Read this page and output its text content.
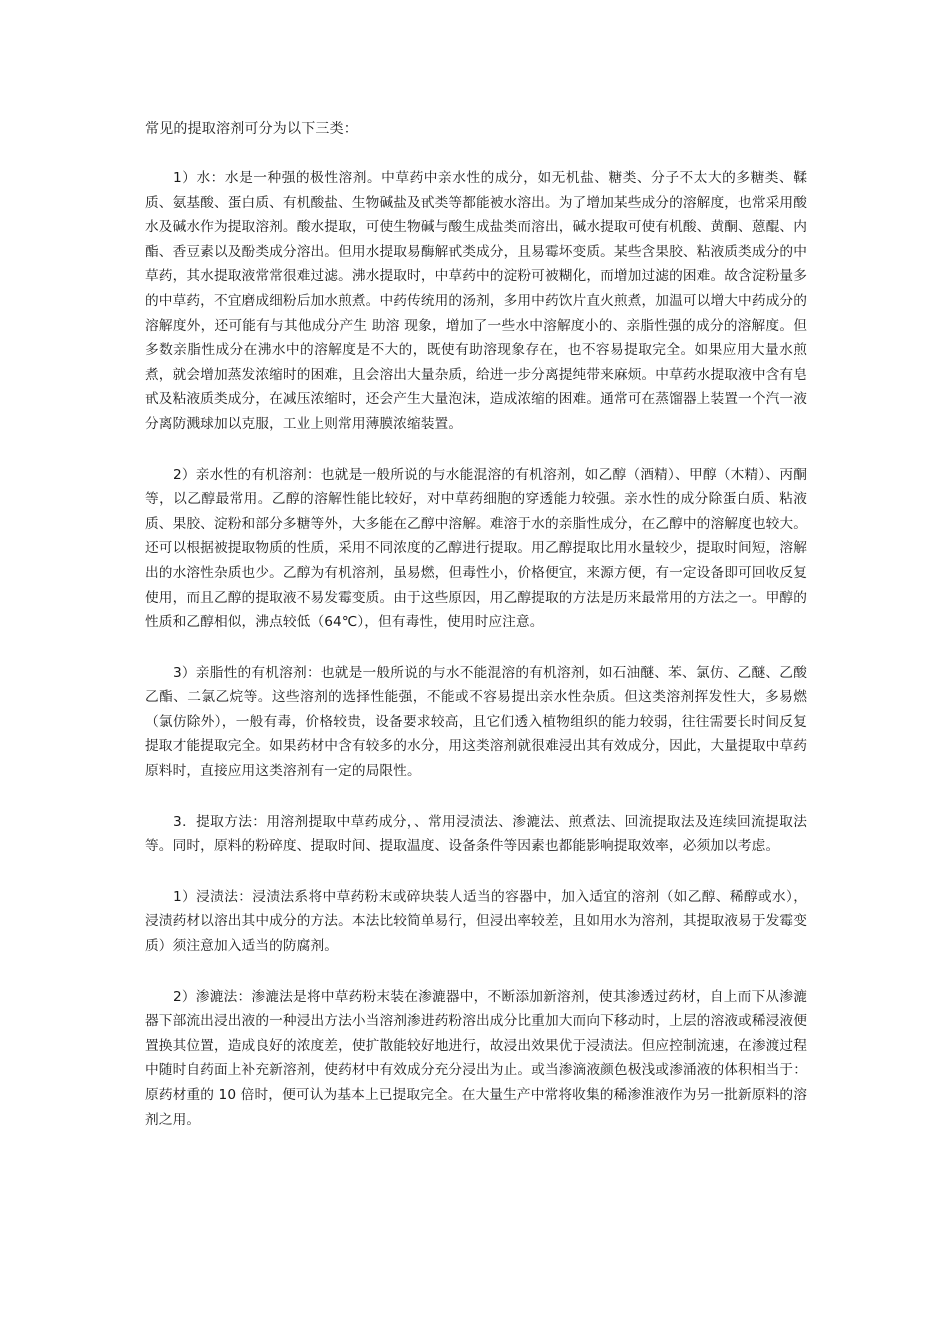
常见的提取溶剂可分为以下三类：

1）水：水是一种强的极性溶剂。中草药中亲水性的成分，如无机盐、糖类、分子不太大的多糖类、鞣质、氨基酸、蛋白质、有机酸盐、生物碱盐及甙类等都能被水溶出。为了增加某些成分的溶解度，也常采用酸水及碱水作为提取溶剂。酸水提取，可使生物碱与酸生成盐类而溶出，碱水提取可使有机酸、黄酮、蒽醌、内酯、香豆素以及酚类成分溶出。但用水提取易酶解甙类成分，且易霉坏变质。某些含果胶、粘液质类成分的中草药，其水提取液常常很难过滤。沸水提取时，中草药中的淀粉可被糊化，而增加过滤的困难。故含淀粉量多的中草药，不宜磨成细粉后加水煎煮。中药传统用的汤剂，多用中药饮片直火煎煮，加温可以增大中药成分的溶解度外，还可能有与其他成分产生 助溶 现象，增加了一些水中溶解度小的、亲脂性强的成分的溶解度。但多数亲脂性成分在沸水中的溶解度是不大的，既使有助溶现象存在，也不容易提取完全。如果应用大量水煎煮，就会增加蒸发浓缩时的困难，且会溶出大量杂质，给进一步分离提纯带来麻烦。中草药水提取液中含有皂甙及粘液质类成分，在减压浓缩时，还会产生大量泡沫，造成浓缩的困难。通常可在蒸馏器上装置一个汽一液分离防溅球加以克服，工业上则常用薄膜浓缩装置。

2）亲水性的有机溶剂：也就是一般所说的与水能混溶的有机溶剂，如乙醇（酒精）、甲醇（木精）、丙酮等，以乙醇最常用。乙醇的溶解性能比较好，对中草药细胞的穿透能力较强。亲水性的成分除蛋白质、粘液质、果胶、淀粉和部分多糖等外，大多能在乙醇中溶解。难溶于水的亲脂性成分，在乙醇中的溶解度也较大。还可以根据被提取物质的性质，采用不同浓度的乙醇进行提取。用乙醇提取比用水量较少，提取时间短，溶解出的水溶性杂质也少。乙醇为有机溶剂，虽易燃，但毒性小，价格便宜，来源方便，有一定设备即可回收反复使用，而且乙醇的提取液不易发霉变质。由于这些原因，用乙醇提取的方法是历来最常用的方法之一。甲醇的性质和乙醇相似，沸点较低（64℃），但有毒性，使用时应注意。

3）亲脂性的有机溶剂：也就是一般所说的与水不能混溶的有机溶剂，如石油醚、苯、氯仿、乙醚、乙酸乙酯、二氯乙烷等。这些溶剂的选择性能强，不能或不容易提出亲水性杂质。但这类溶剂挥发性大，多易燃（氯仿除外），一般有毒，价格较贵，设备要求较高，且它们透入植物组织的能力较弱，往往需要长时间反复提取才能提取完全。如果药材中含有较多的水分，用这类溶剂就很难浸出其有效成分，因此，大量提取中草药原料时，直接应用这类溶剂有一定的局限性。

3．提取方法：用溶剂提取中草药成分，、常用浸渍法、渗漉法、煎煮法、回流提取法及连续回流提取法等。同时，原料的粉碎度、提取时间、提取温度、设备条件等因素也都能影响提取效率，必须加以考虑。

1）浸渍法：浸渍法系将中草药粉末或碎块装人适当的容器中，加入适宜的溶剂（如乙醇、稀醇或水），浸渍药材以溶出其中成分的方法。本法比较简单易行，但浸出率较差，且如用水为溶剂，其提取液易于发霉变质）须注意加入适当的防腐剂。

2）渗漉法：渗漉法是将中草药粉末装在渗漉器中，不断添加新溶剂，使其渗透过药材，自上而下从渗漉器下部流出浸出液的一种浸出方法小当溶剂渗进药粉溶出成分比重加大而向下移动时，上层的溶液或稀浸液便置换其位置，造成良好的浓度差，使扩散能较好地进行，故浸出效果优于浸渍法。但应控制流速，在渗渡过程中随时自药面上补充新溶剂，使药材中有效成分充分浸出为止。或当渗滴液颜色极浅或渗涌液的体积相当于：原药材重的 10 倍时，便可认为基本上已提取完全。在大量生产中常将收集的稀渗淮液作为另一批新原料的溶剂之用。
